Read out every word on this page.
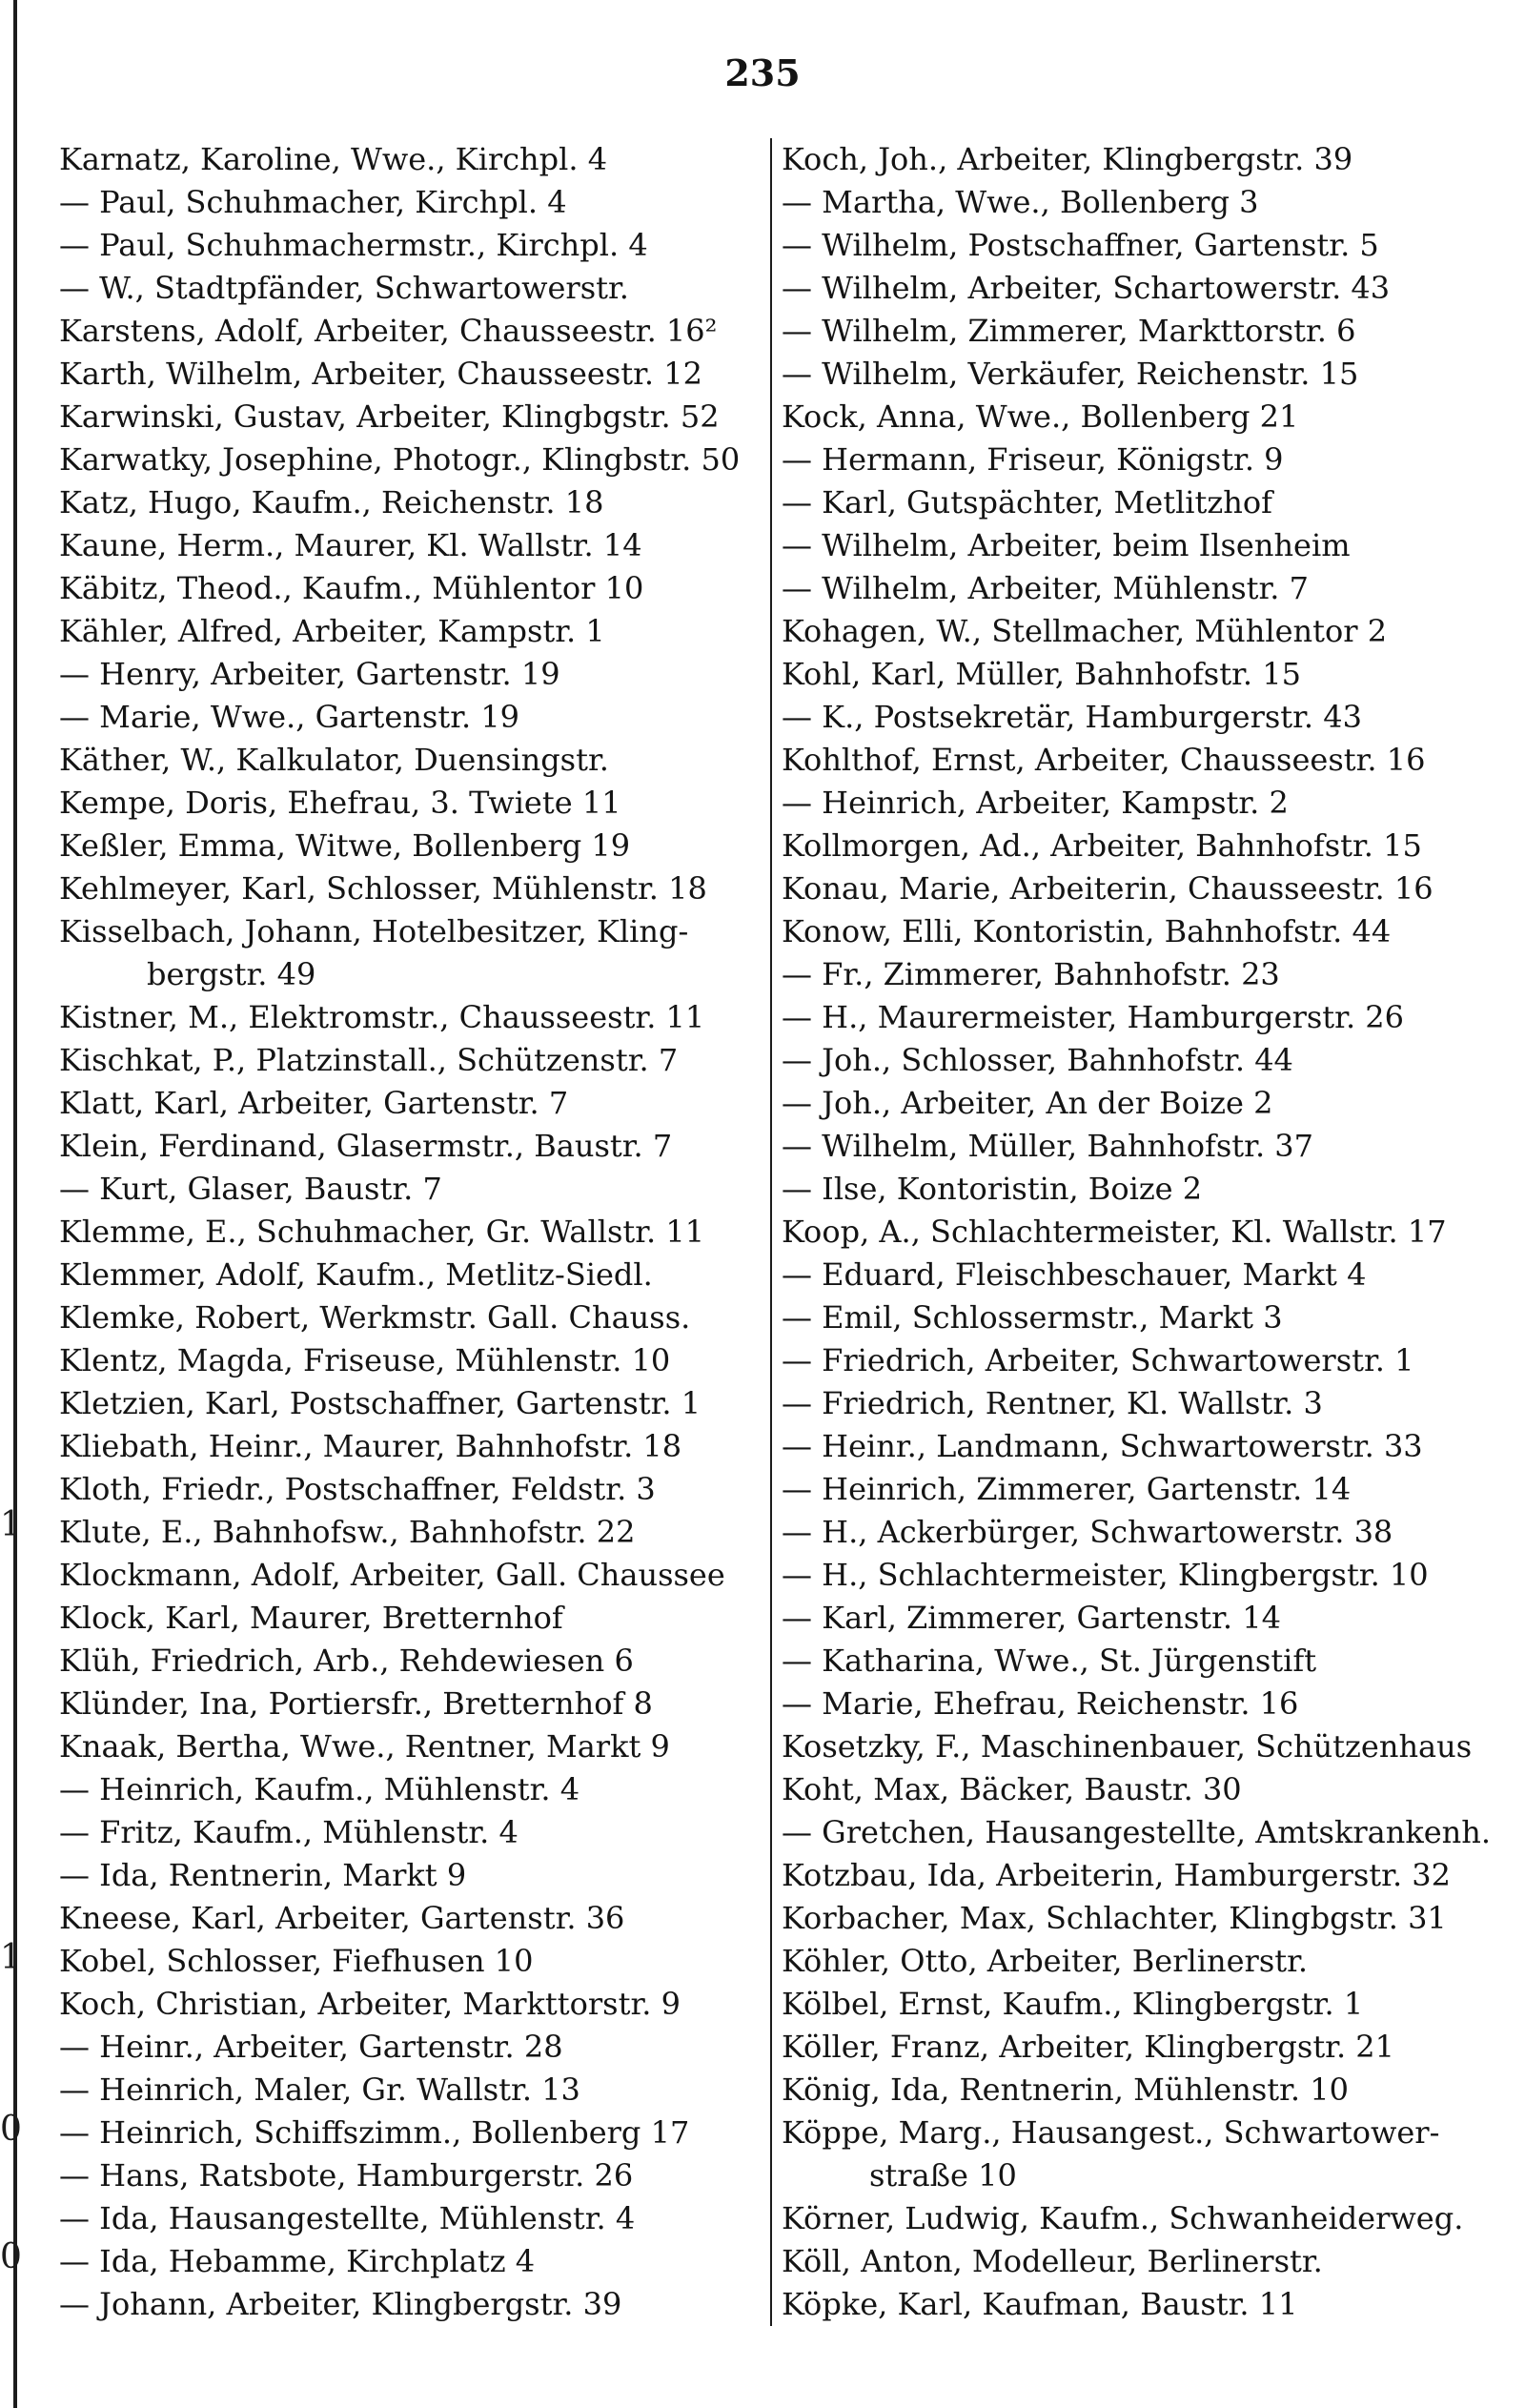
1
1
0
0
235
Karnatz, Karoline, Wwe., Kirchpl. 4
— Paul, Schuhmacher, Kirchpl. 4
— Paul, Schuhmachermstr., Kirchpl. 4
— W., Stadtpfänder, Schwartowerstr.
Karstens, Adolf, Arbeiter, Chausseestr. 16²
Karth, Wilhelm, Arbeiter, Chausseestr. 12
Karwinski, Gustav, Arbeiter, Klingbgstr. 52
Karwatky, Josephine, Photogr., Klingbstr. 50
Katz, Hugo, Kaufm., Reichenstr. 18
Kaune, Herm., Maurer, Kl. Wallstr. 14
Käbitz, Theod., Kaufm., Mühlentor 10
Kähler, Alfred, Arbeiter, Kampstr. 1
— Henry, Arbeiter, Gartenstr. 19
— Marie, Wwe., Gartenstr. 19
Käther, W., Kalkulator, Duensingstr.
Kempe, Doris, Ehefrau, 3. Twiete 11
Keßler, Emma, Witwe, Bollenberg 19
Kehlmeyer, Karl, Schlosser, Mühlenstr. 18
Kisselbach, Johann, Hotelbesitzer, Kling-
bergstr. 49
Kistner, M., Elektromstr., Chausseestr. 11
Kischkat, P., Platzinstall., Schützenstr. 7
Klatt, Karl, Arbeiter, Gartenstr. 7
Klein, Ferdinand, Glasermstr., Baustr. 7
— Kurt, Glaser, Baustr. 7
Klemme, E., Schuhmacher, Gr. Wallstr. 11
Klemmer, Adolf, Kaufm., Metlitz-Siedl.
Klemke, Robert, Werkmstr. Gall. Chauss.
Klentz, Magda, Friseuse, Mühlenstr. 10
Kletzien, Karl, Postschaffner, Gartenstr. 1
Kliebath, Heinr., Maurer, Bahnhofstr. 18
Kloth, Friedr., Postschaffner, Feldstr. 3
Klute, E., Bahnhofsw., Bahnhofstr. 22
Klockmann, Adolf, Arbeiter, Gall. Chaussee
Klock, Karl, Maurer, Bretternhof
Klüh, Friedrich, Arb., Rehdewiesen 6
Klünder, Ina, Portiersfr., Bretternhof 8
Knaak, Bertha, Wwe., Rentner, Markt 9
— Heinrich, Kaufm., Mühlenstr. 4
— Fritz, Kaufm., Mühlenstr. 4
— Ida, Rentnerin, Markt 9
Kneese, Karl, Arbeiter, Gartenstr. 36
Kobel, Schlosser, Fiefhusen 10
Koch, Christian, Arbeiter, Markttorstr. 9
— Heinr., Arbeiter, Gartenstr. 28
— Heinrich, Maler, Gr. Wallstr. 13
— Heinrich, Schiffszimm., Bollenberg 17
— Hans, Ratsbote, Hamburgerstr. 26
— Ida, Hausangestellte, Mühlenstr. 4
— Ida, Hebamme, Kirchplatz 4
— Johann, Arbeiter, Klingbergstr. 39
Koch, Joh., Arbeiter, Klingbergstr. 39
— Martha, Wwe., Bollenberg 3
— Wilhelm, Postschaffner, Gartenstr. 5
— Wilhelm, Arbeiter, Schartowerstr. 43
— Wilhelm, Zimmerer, Markttorstr. 6
— Wilhelm, Verkäufer, Reichenstr. 15
Kock, Anna, Wwe., Bollenberg 21
— Hermann, Friseur, Königstr. 9
— Karl, Gutspächter, Metlitzhof
— Wilhelm, Arbeiter, beim Ilsenheim
— Wilhelm, Arbeiter, Mühlenstr. 7
Kohagen, W., Stellmacher, Mühlentor 2
Kohl, Karl, Müller, Bahnhofstr. 15
— K., Postsekretär, Hamburgerstr. 43
Kohlthof, Ernst, Arbeiter, Chausseestr. 16
— Heinrich, Arbeiter, Kampstr. 2
Kollmorgen, Ad., Arbeiter, Bahnhofstr. 15
Konau, Marie, Arbeiterin, Chausseestr. 16
Konow, Elli, Kontoristin, Bahnhofstr. 44
— Fr., Zimmerer, Bahnhofstr. 23
— H., Maurermeister, Hamburgerstr. 26
— Joh., Schlosser, Bahnhofstr. 44
— Joh., Arbeiter, An der Boize 2
— Wilhelm, Müller, Bahnhofstr. 37
— Ilse, Kontoristin, Boize 2
Koop, A., Schlachtermeister, Kl. Wallstr. 17
— Eduard, Fleischbeschauer, Markt 4
— Emil, Schlossermstr., Markt 3
— Friedrich, Arbeiter, Schwartowerstr. 1
— Friedrich, Rentner, Kl. Wallstr. 3
— Heinr., Landmann, Schwartowerstr. 33
— Heinrich, Zimmerer, Gartenstr. 14
— H., Ackerbürger, Schwartowerstr. 38
— H., Schlachtermeister, Klingbergstr. 10
— Karl, Zimmerer, Gartenstr. 14
— Katharina, Wwe., St. Jürgenstift
— Marie, Ehefrau, Reichenstr. 16
Kosetzky, F., Maschinenbauer, Schützenhaus
Koht, Max, Bäcker, Baustr. 30
— Gretchen, Hausangestellte, Amtskrankenh.
Kotzbau, Ida, Arbeiterin, Hamburgerstr. 32
Korbacher, Max, Schlachter, Klingbgstr. 31
Köhler, Otto, Arbeiter, Berlinerstr.
Kölbel, Ernst, Kaufm., Klingbergstr. 1
Köller, Franz, Arbeiter, Klingbergstr. 21
König, Ida, Rentnerin, Mühlenstr. 10
Köppe, Marg., Hausangest., Schwartower-
straße 10
Körner, Ludwig, Kaufm., Schwanheiderweg.
Köll, Anton, Modelleur, Berlinerstr.
Köpke, Karl, Kaufman, Baustr. 11
